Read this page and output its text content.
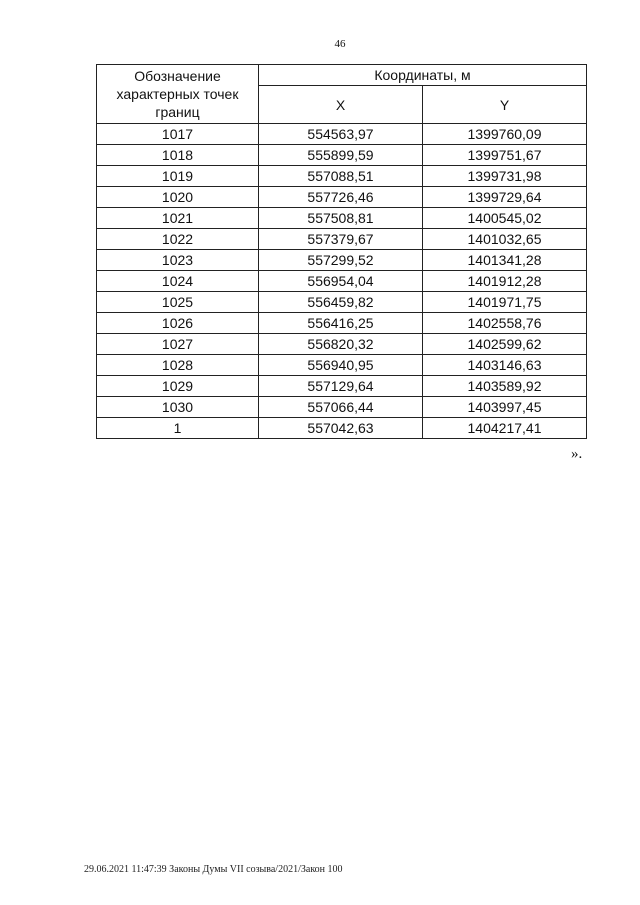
46
Обозначение характерных точек границ	Координаты, м	
	X	Y
1017	554563,97	1399760,09
1018	555899,59	1399751,67
1019	557088,51	1399731,98
1020	557726,46	1399729,64
1021	557508,81	1400545,02
1022	557379,67	1401032,65
1023	557299,52	1401341,28
1024	556954,04	1401912,28
1025	556459,82	1401971,75
1026	556416,25	1402558,76
1027	556820,32	1402599,62
1028	556940,95	1403146,63
1029	557129,64	1403589,92
1030	557066,44	1403997,45
1	557042,63	1404217,41
».
29.06.2021 11:47:39 Законы Думы VII созыва/2021/Закон 100
